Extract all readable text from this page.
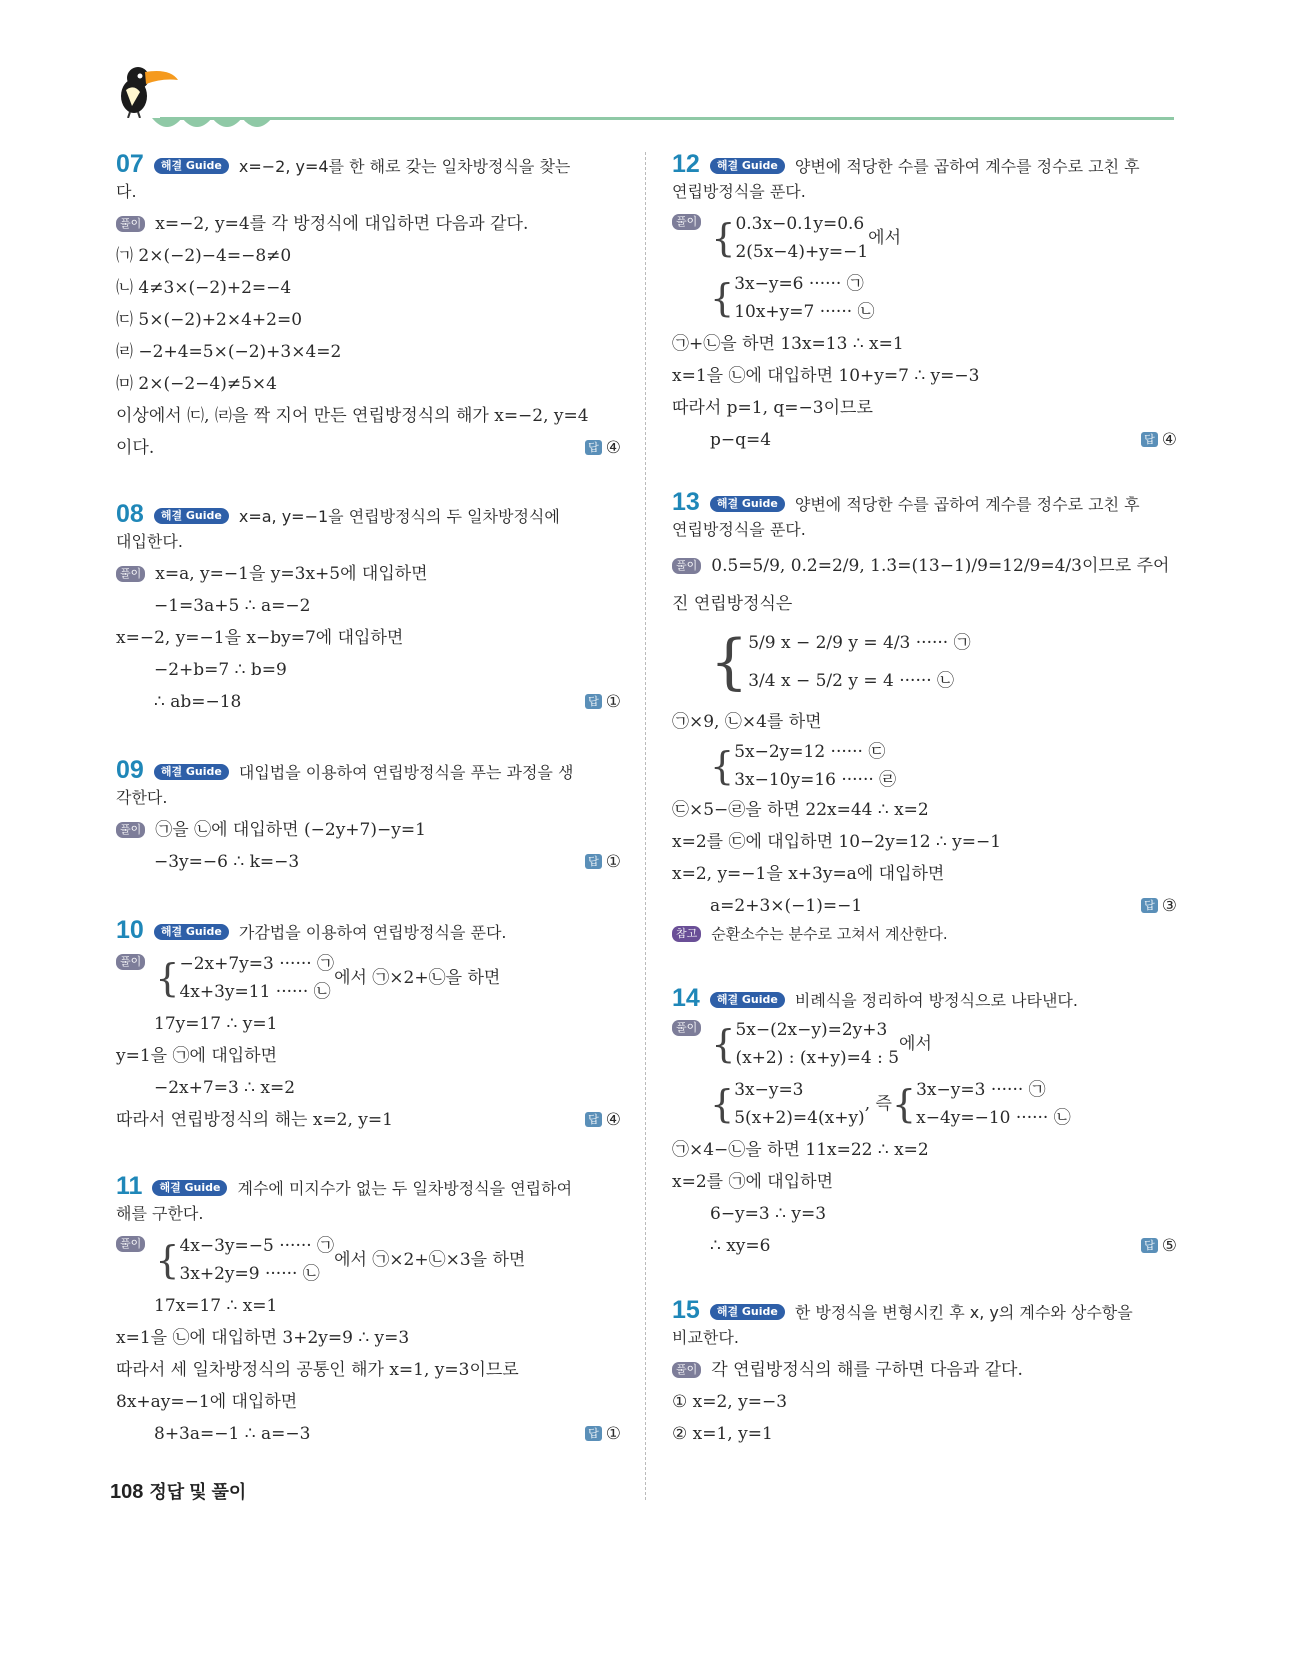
07 해결 Guide x=−2, y=4를 한 해로 갖는 일차방정식을 찾는
다.
풀이 x=−2, y=4를 각 방정식에 대입하면 다음과 같다.
㈀ 2×(−2)−4=−8≠0
㈁ 4≠3×(−2)+2=−4
㈂ 5×(−2)+2×4+2=0
㈃ −2+4=5×(−2)+3×4=2
㈄ 2×(−2−4)≠5×4
이상에서 ㈂, ㈃을 짝 지어 만든 연립방정식의 해가 x=−2, y=4
이다.	답 ④
08 해결 Guide x=a, y=−1을 연립방정식의 두 일차방정식에
대입한다.
풀이 x=a, y=−1을 y=3x+5에 대입하면
−1=3a+5 ∴ a=−2
x=−2, y=−1을 x−by=7에 대입하면
−2+b=7 ∴ b=9
∴ ab=−18	답 ①
09 해결 Guide 대입법을 이용하여 연립방정식을 푸는 과정을 생
각한다.
풀이 ㉠을 ㉡에 대입하면 (−2y+7)−y=1
−3y=−6 ∴ k=−3	답 ①
10 해결 Guide 가감법을 이용하여 연립방정식을 푼다.
풀이 { −2x+7y=3 ······ ㉠
4x+3y=11 ······ ㉡
에서 ㉠×2+㉡을 하면
17y=17 ∴ y=1
y=1을 ㉠에 대입하면
−2x+7=3 ∴ x=2
따라서 연립방정식의 해는 x=2, y=1	답 ④
11 해결 Guide 계수에 미지수가 없는 두 일차방정식을 연립하여
해를 구한다.
풀이 { 4x−3y=−5 ······ ㉠
3x+2y=9 ······ ㉡
에서 ㉠×2+㉡×3을 하면
17x=17 ∴ x=1
x=1을 ㉡에 대입하면 3+2y=9 ∴ y=3
따라서 세 일차방정식의 공통인 해가 x=1, y=3이므로
8x+ay=−1에 대입하면
8+3a=−1 ∴ a=−3	답 ①
12 해결 Guide 양변에 적당한 수를 곱하여 계수를 정수로 고친 후
연립방정식을 푼다.
풀이 { 0.3x−0.1y=0.6
2(5x−4)+y=−1
에서
{ 3x−y=6 ······ ㉠
10x+y=7 ······ ㉡
㉠+㉡을 하면 13x=13 ∴ x=1
x=1을 ㉡에 대입하면 10+y=7 ∴ y=−3
따라서 p=1, q=−3이므로
p−q=4	답 ④
13 해결 Guide 양변에 적당한 수를 곱하여 계수를 정수로 고친 후
연립방정식을 푼다.
풀이 0.5̇=5/9, 0.2̇=2/9, 1.3̇=(13−1)/9=12/9=4/3이므로 주어
진 연립방정식은
{ 5/9 x − 2/9 y = 4/3 ······ ㉠
3/4 x − 5/2 y = 4 ······ ㉡
㉠×9, ㉡×4를 하면
{ 5x−2y=12 ······ ㉢
3x−10y=16 ······ ㉣
㉢×5−㉣을 하면 22x=44 ∴ x=2
x=2를 ㉢에 대입하면 10−2y=12 ∴ y=−1
x=2, y=−1을 x+3y=a에 대입하면
a=2+3×(−1)=−1	답 ③
참고 순환소수는 분수로 고쳐서 계산한다.
14 해결 Guide 비례식을 정리하여 방정식으로 나타낸다.
풀이 { 5x−(2x−y)=2y+3
(x+2) : (x+y)=4 : 5
에서
{ 3x−y=3
5(x+2)=4(x+y)
, 즉{ 3x−y=3 ······ ㉠
x−4y=−10 ······ ㉡
㉠×4−㉡을 하면 11x=22 ∴ x=2
x=2를 ㉠에 대입하면
6−y=3 ∴ y=3
∴ xy=6	답 ⑤
15 해결 Guide 한 방정식을 변형시킨 후 x, y의 계수와 상수항을
비교한다.
풀이 각 연립방정식의 해를 구하면 다음과 같다.
① x=2, y=−3
② x=1, y=1
108 정답 및 풀이
